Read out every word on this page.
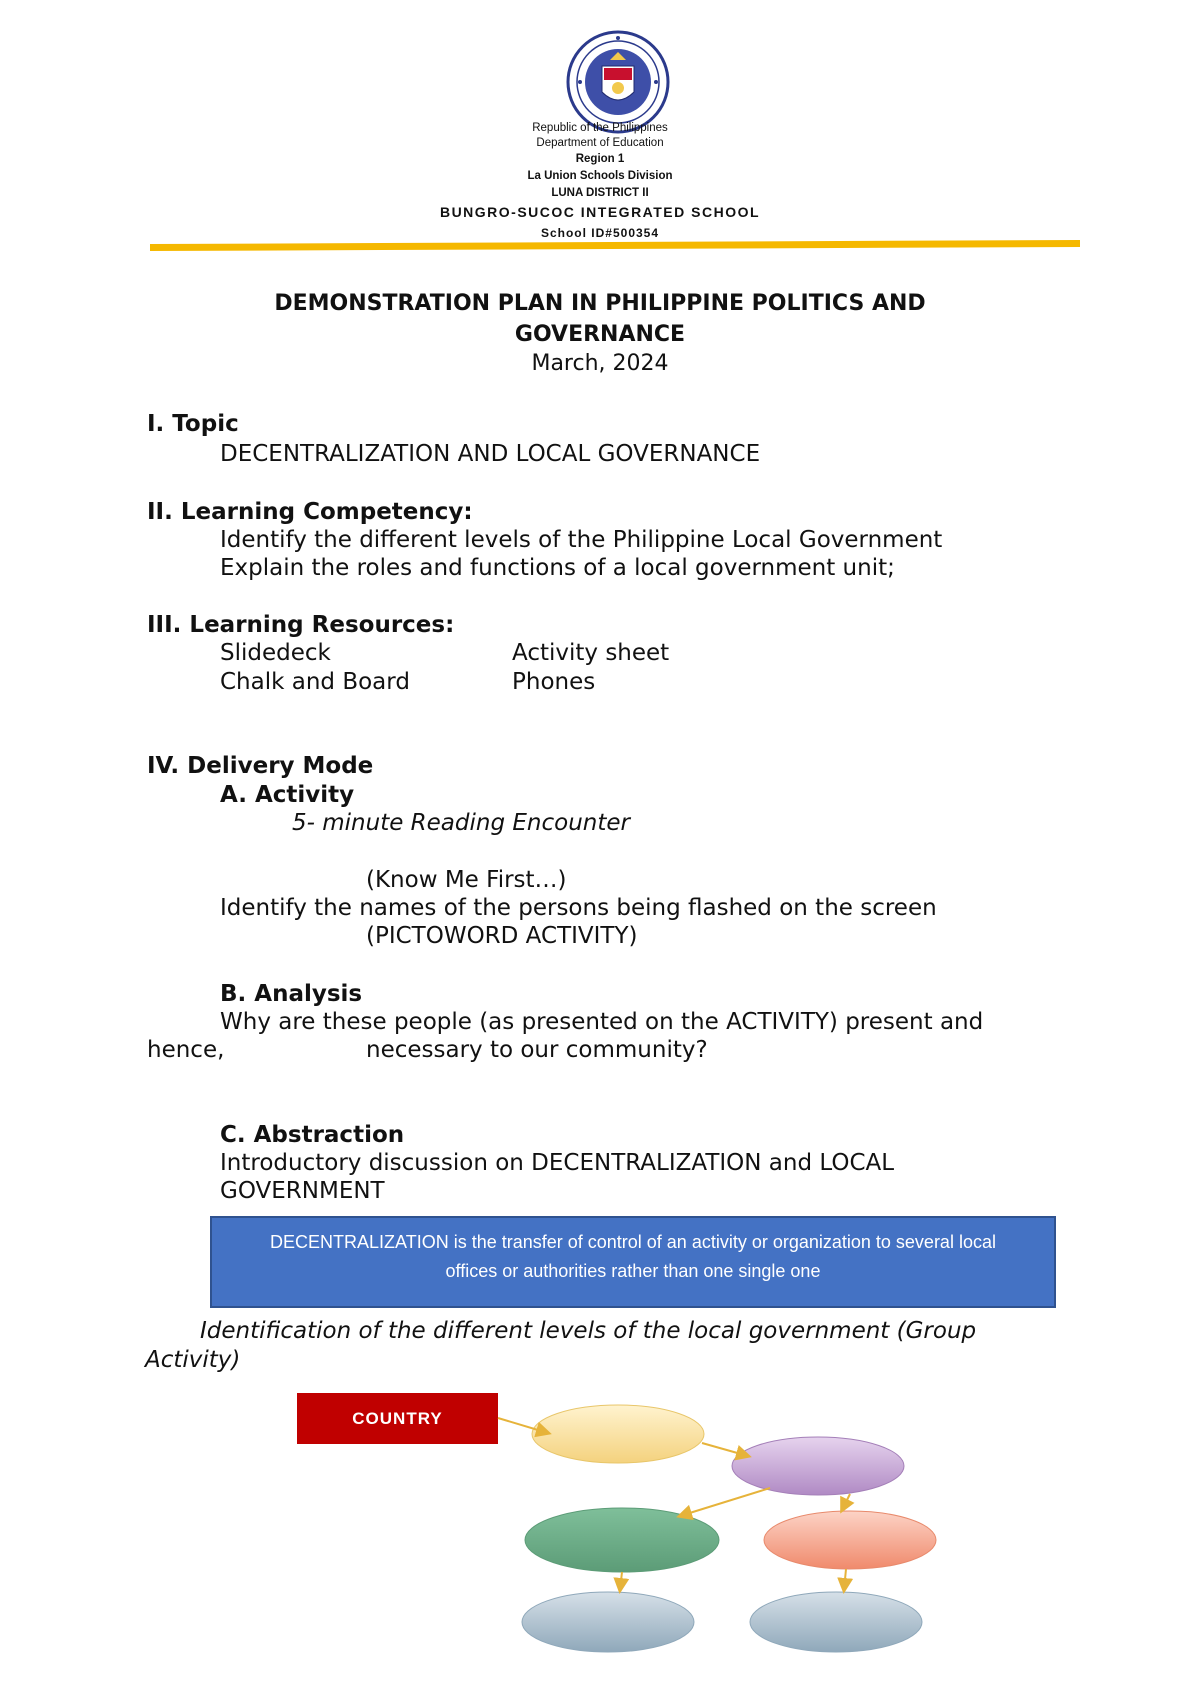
Republic of the Philippines
Department of Education
Region 1
La Union Schools Division
LUNA DISTRICT II
BUNGRO-SUCOC INTEGRATED SCHOOL
School ID#500354
DEMONSTRATION PLAN IN PHILIPPINE POLITICS AND
GOVERNANCE
March, 2024
I. Topic
DECENTRALIZATION AND LOCAL GOVERNANCE
II. Learning Competency:
Identify the different levels of the Philippine Local Government
Explain the roles and functions of a local government unit;
III. Learning Resources:
Slidedeck	Activity sheet
Chalk and Board	Phones
IV. Delivery Mode
A. Activity
5- minute Reading Encounter
(Know Me First…)
Identify the names of the persons being flashed on the screen
(PICTOWORD ACTIVITY)
B. Analysis
Why are these people (as presented on the ACTIVITY) present and
hence,	necessary to our community?
C. Abstraction
Introductory discussion on DECENTRALIZATION and LOCAL
GOVERNMENT
DECENTRALIZATION is the transfer of control of an activity or organization to several local
offices or authorities rather than one single one
Identification of the different levels of the local government (Group
Activity)
COUNTRY
